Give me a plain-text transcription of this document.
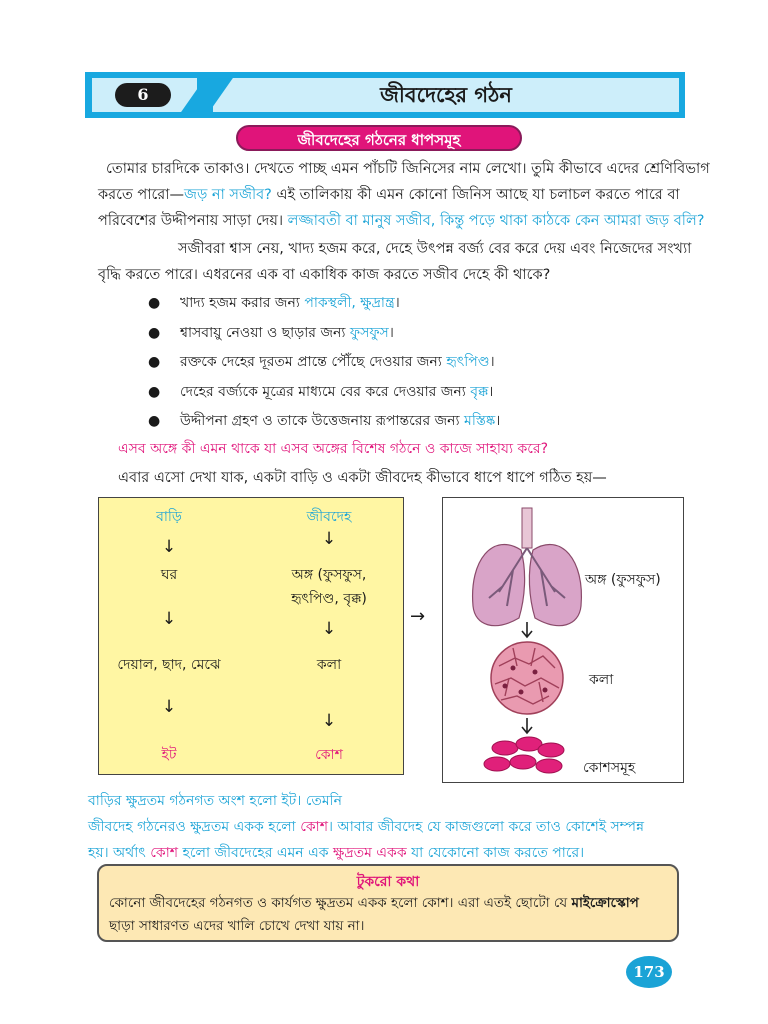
6	জীবদেহের গঠন
জীবদেহের গঠনের ধাপসমূহ

তোমার চারদিকে তাকাও। দেখতে পাচ্ছ এমন পাঁচটি জিনিসের নাম লেখো। তুমি কীভাবে এদের শ্রেণিবিভাগ

করতে পারো—জড় না সজীব? এই তালিকায় কী এমন কোনো জিনিস আছে যা চলাচল করতে পারে বা

পরিবেশের উদ্দীপনায় সাড়া দেয়। লজ্জাবতী বা মানুষ সজীব, কিন্তু পড়ে থাকা কাঠকে কেন আমরা জড় বলি?

সজীবরা শ্বাস নেয়, খাদ্য হজম করে, দেহে উৎপন্ন বর্জ্য বের করে দেয় এবং নিজেদের সংখ্যা

বৃদ্ধি করতে পারে। এধরনের এক বা একাধিক কাজ করতে সজীব দেহে কী থাকে?

● খাদ্য হজম করার জন্য পাকস্থলী, ক্ষুদ্রান্ত্র।
● শ্বাসবায়ু নেওয়া ও ছাড়ার জন্য ফুসফুস।
● রক্তকে দেহের দূরতম প্রান্তে পৌঁছে দেওয়ার জন্য হৃৎপিণ্ড।
● দেহের বর্জ্যকে মূত্রের মাধ্যমে বের করে দেওয়ার জন্য বৃক্ক।
● উদ্দীপনা গ্রহণ ও তাকে উত্তেজনায় রূপান্তরের জন্য মস্তিষ্ক।
এসব অঙ্গে কী এমন থাকে যা এসব অঙ্গের বিশেষ গঠনে ও কাজে সাহায্য করে?
এবার এসো দেখা যাক, একটা বাড়ি ও একটা জীবদেহ কীভাবে ধাপে ধাপে গঠিত হয়—
বাড়ি	জীবদেহ
↓	↓
ঘর	অঙ্গ (ফুসফুস,
হৃৎপিণ্ড, বৃক্ক)
↓	↓
দেয়াল, ছাদ, মেঝে	কলা
↓
↓
ইট	কোশ
→
অঙ্গ (ফুসফুস)
কলা
কোশসমূহ

বাড়ির ক্ষুদ্রতম গঠনগত অংশ হলো ইট। তেমনি

জীবদেহ গঠনেরও ক্ষুদ্রতম একক হলো কোশ। আবার জীবদেহ যে কাজগুলো করে তাও কোশেই সম্পন্ন

হয়। অর্থাৎ কোশ হলো জীবদেহের এমন এক ক্ষুদ্রতম একক যা যেকোনো কাজ করতে পারে।

টুকরো কথা

কোনো জীবদেহের গঠনগত ও কার্যগত ক্ষুদ্রতম একক হলো কোশ। এরা এতই ছোটো যে মাইক্রোস্কোপ

ছাড়া সাধারণত এদের খালি চোখে দেখা যায় না।

173
